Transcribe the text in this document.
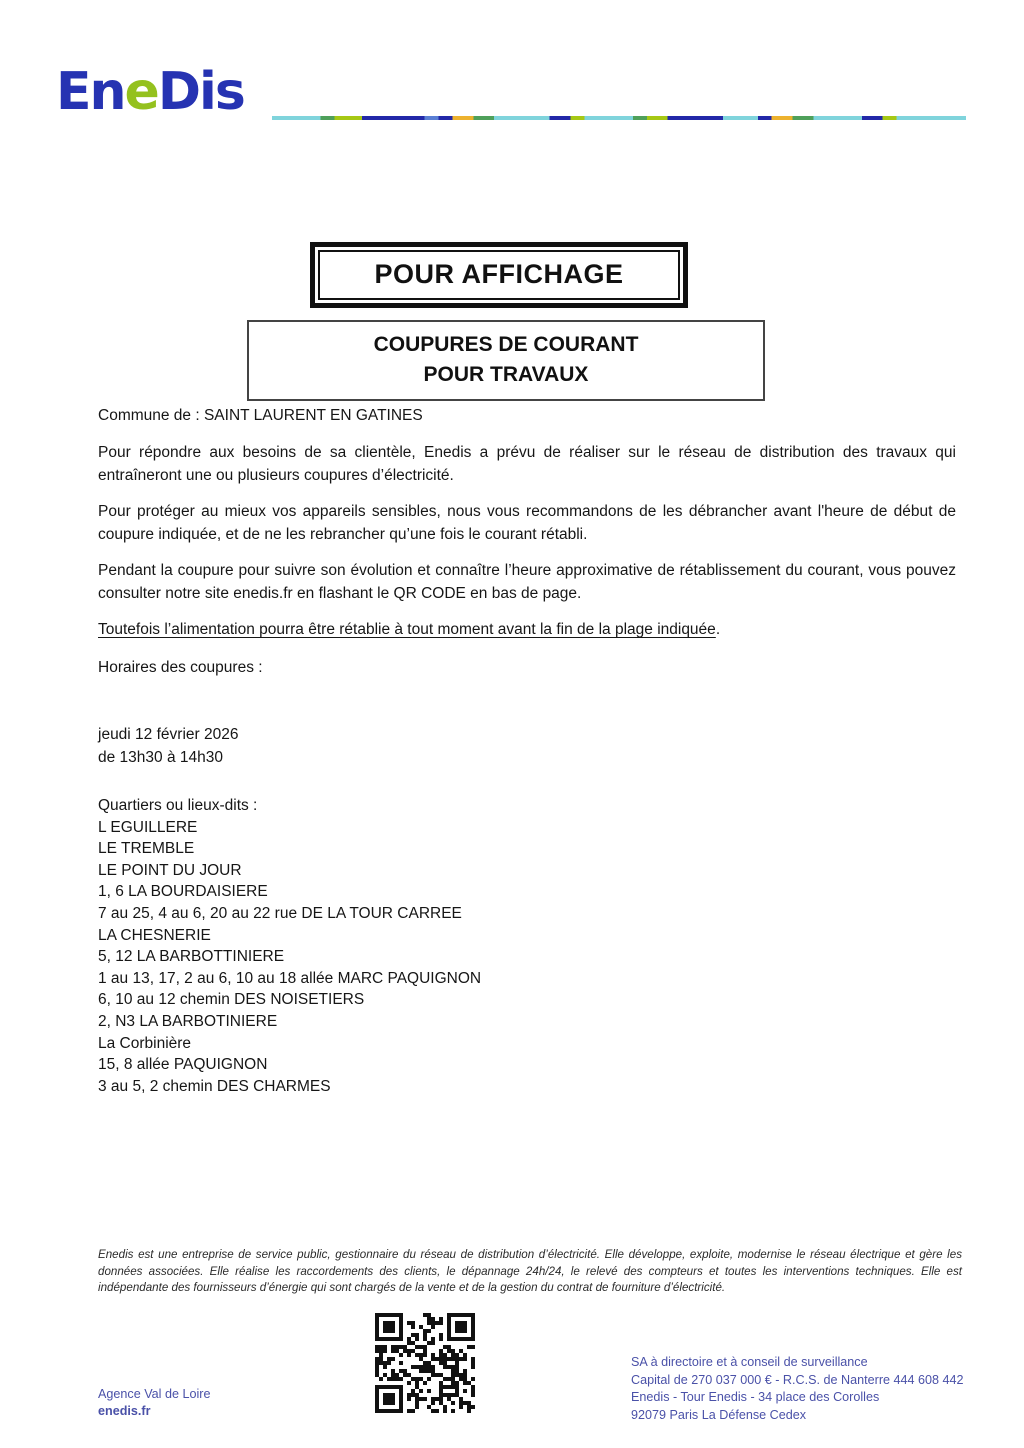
EneDis
POUR AFFICHAGE
COUPURES DE COURANT
POUR TRAVAUX
Commune de : SAINT LAURENT EN GATINES

Pour répondre aux besoins de sa clientèle, Enedis a prévu de réaliser sur le réseau de distribution des travaux qui entraîneront une ou plusieurs coupures d’électricité.

Pour protéger au mieux vos appareils sensibles, nous vous recommandons de les débrancher avant l'heure de début de coupure indiquée, et de ne les rebrancher qu’une fois le courant rétabli.

Pendant la coupure pour suivre son évolution et connaître l’heure approximative de rétablissement du courant, vous pouvez consulter notre site enedis.fr en flashant le QR CODE en bas de page.

Toutefois l’alimentation pourra être rétablie à tout moment avant la fin de la plage indiquée.
Horaires des coupures :
jeudi 12 février 2026
de 13h30 à 14h30
Quartiers ou lieux-dits :
L EGUILLERE
LE TREMBLE
LE POINT DU JOUR
1, 6 LA BOURDAISIERE
7 au 25, 4 au 6, 20 au 22 rue DE LA TOUR CARREE
LA CHESNERIE
5, 12 LA BARBOTTINIERE
1 au 13, 17, 2 au 6, 10 au 18 allée MARC PAQUIGNON
6, 10 au 12 chemin DES NOISETIERS
2, N3 LA BARBOTINIERE
La Corbinière
15, 8 allée PAQUIGNON
3 au 5, 2 chemin DES CHARMES
Enedis est une entreprise de service public, gestionnaire du réseau de distribution d’électricité. Elle développe, exploite, modernise le réseau électrique et gère les données associées. Elle réalise les raccordements des clients, le dépannage 24h/24, le relevé des compteurs et toutes les interventions techniques. Elle est indépendante des fournisseurs d’énergie qui sont chargés de la vente et de la gestion du contrat de fourniture d’électricité.
SA à directoire et à conseil de surveillance
Capital de 270 037 000 € - R.C.S. de Nanterre 444 608 442
Enedis - Tour Enedis - 34 place des Corolles
92079 Paris La Défense Cedex
Agence Val de Loire
enedis.fr
